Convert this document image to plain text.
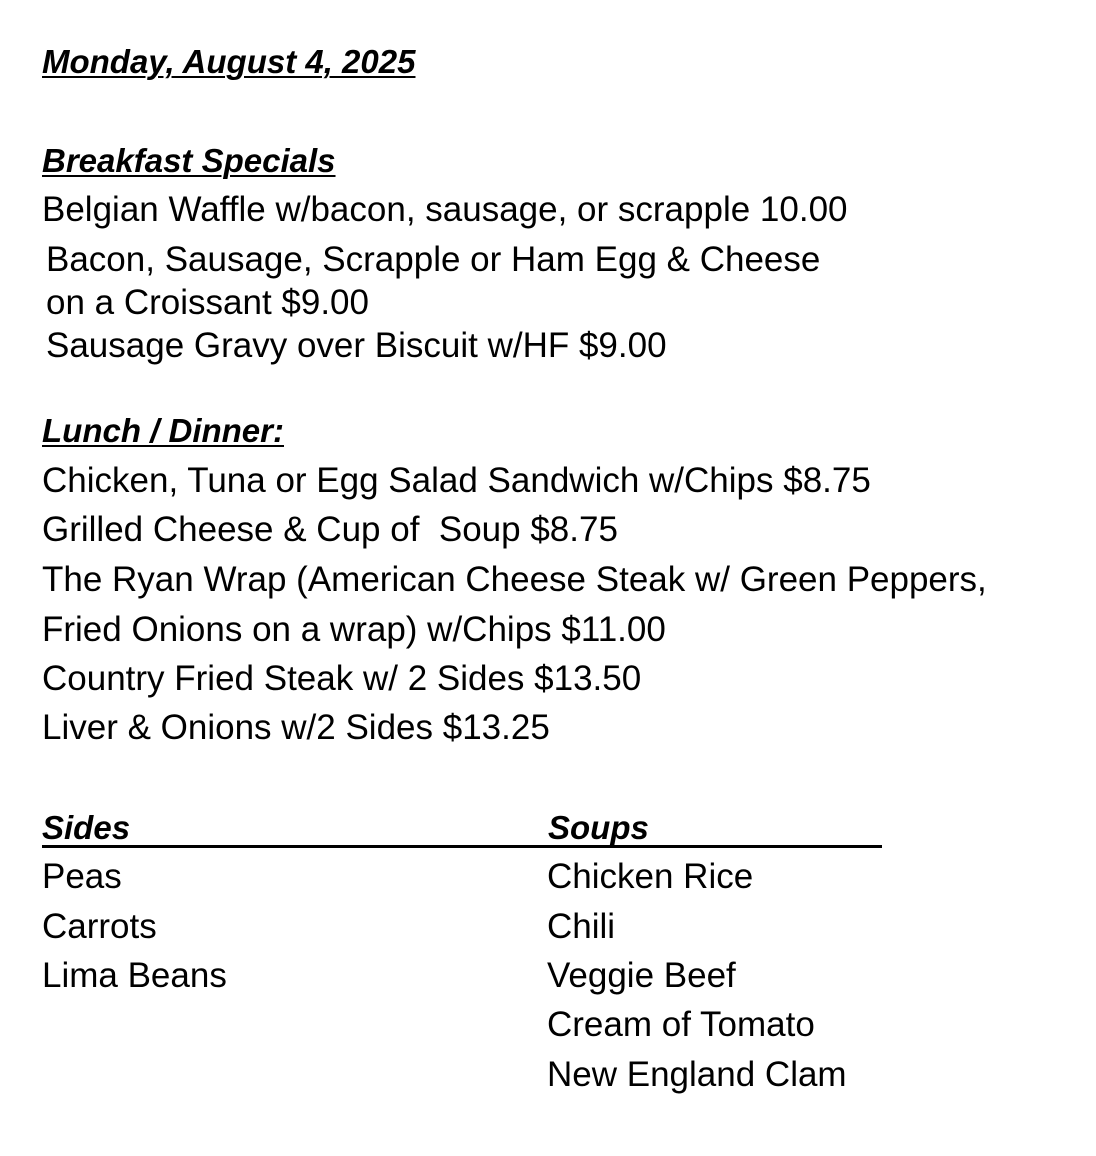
Monday, August 4, 2025
Breakfast Specials
Belgian Waffle w/bacon, sausage, or scrapple 10.00
Bacon, Sausage, Scrapple or Ham Egg & Cheese
on a Croissant $9.00
Sausage Gravy over Biscuit w/HF $9.00
Lunch / Dinner:
Chicken, Tuna or Egg Salad Sandwich w/Chips $8.75
Grilled Cheese & Cup of  Soup $8.75
The Ryan Wrap (American Cheese Steak w/ Green Peppers,
Fried Onions on a wrap) w/Chips $11.00
Country Fried Steak w/ 2 Sides $13.50
Liver & Onions w/2 Sides $13.25
Sides	Soups
Peas
Carrots
Lima Beans
Chicken Rice
Chili
Veggie Beef
Cream of Tomato
New England Clam
